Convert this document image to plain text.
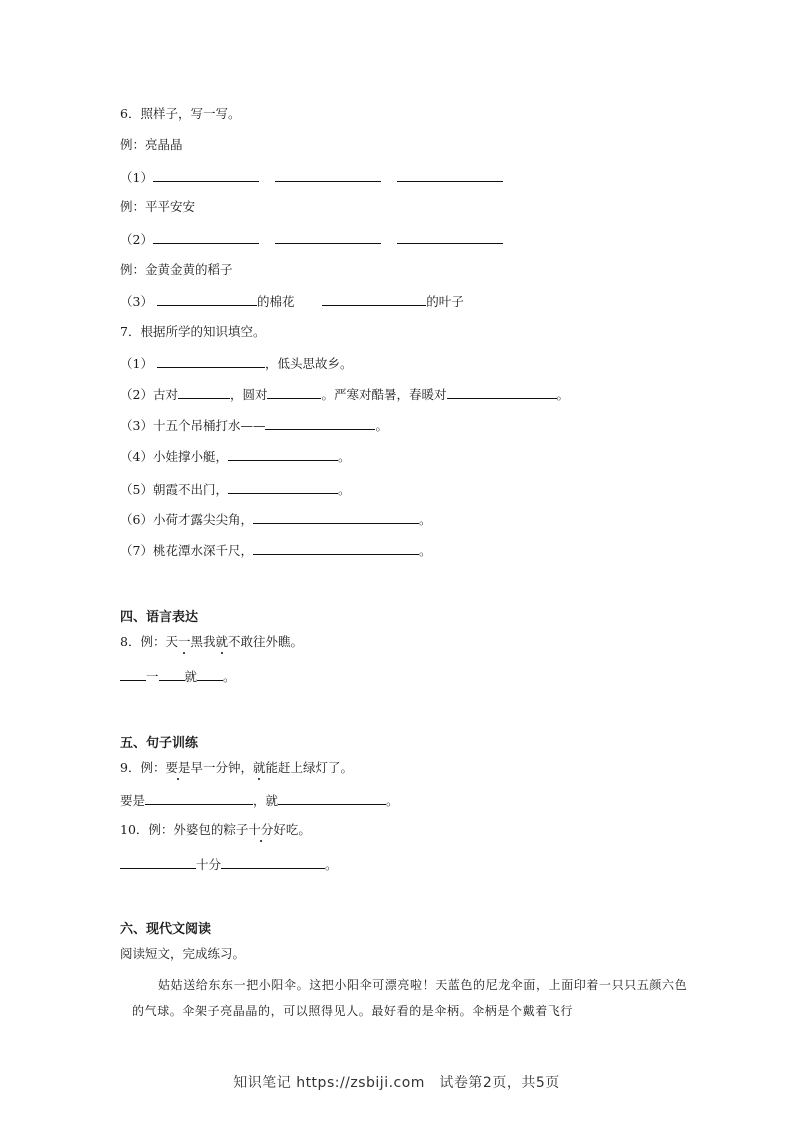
6．照样子，写一写。
例：亮晶晶
（1）
例：平平安安
（2）
例：金黄金黄的稻子
（3）	的棉花	的叶子
7．根据所学的知识填空。
（1）	，低头思故乡。
（2）古对	，圆对	。严寒对酷暑，春暖对	。
（3）十五个吊桶打水——	。
（4）小娃撑小艇，	。
（5）朝霞不出门，	。
（6）小荷才露尖尖角，	。
（7）桃花潭水深千尺，	。
四、语言表达
8．例：天一黑我就不敢往外瞧。
一 就 。
五、句子训练
9．例：要是早一分钟，就能赶上绿灯了。
要是	，就	。
10．例：外婆包的粽子十分好吃。
十分	。
六、现代文阅读
阅读短文，完成练习。
姑姑送给东东一把小阳伞。这把小阳伞可漂亮啦！天蓝色的尼龙伞面，上面印着一只只五颜六色的气球。伞架子亮晶晶的，可以照得见人。最好看的是伞柄。伞柄是个戴着飞行
知识笔记 https://zsbiji.com　试卷第2页，共5页
